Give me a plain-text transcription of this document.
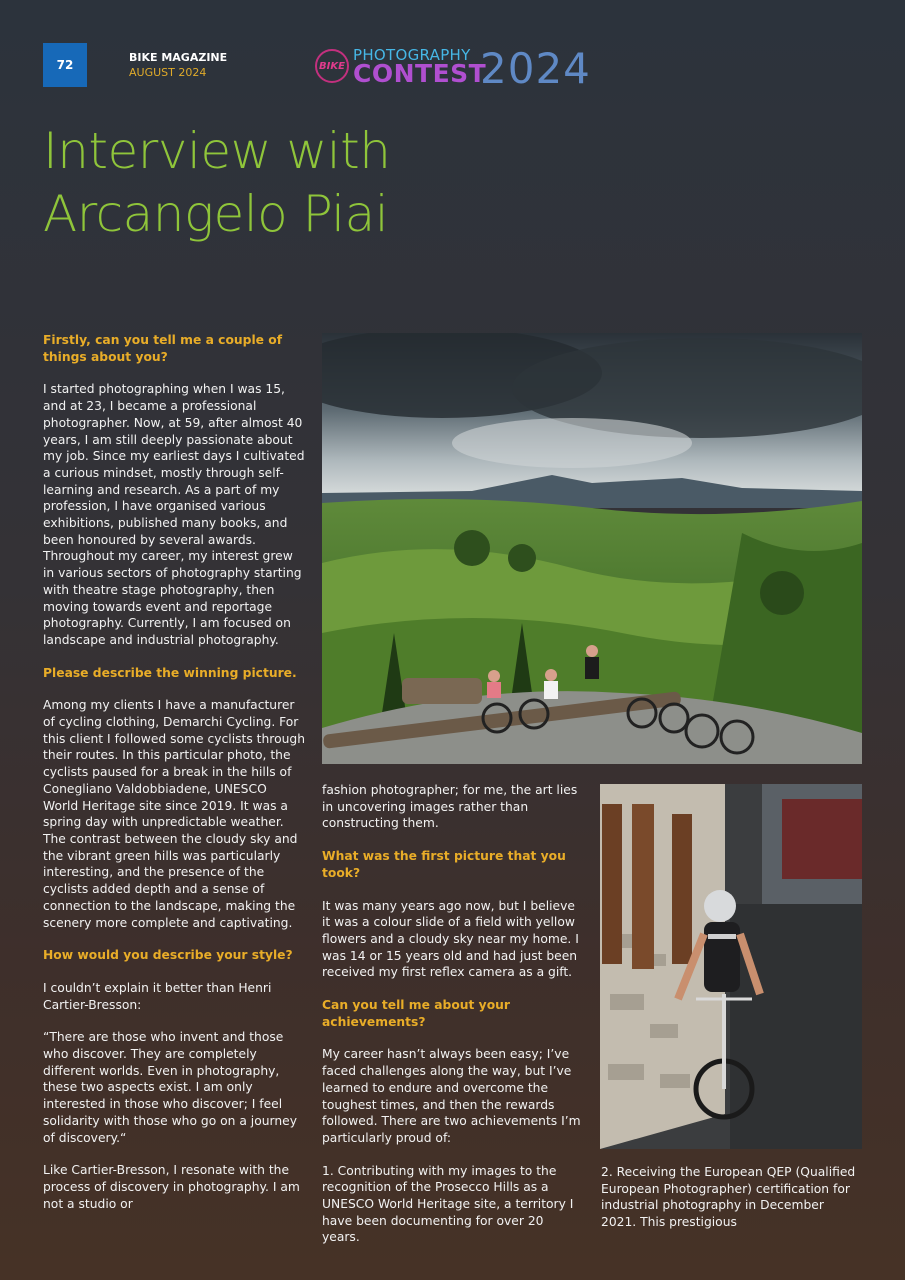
72
BIKE MAGAZINE
AUGUST 2024	BIKE
PHOTOGRAPHY
CONTEST
2024
Interview with
Arcangelo Piai

Firstly, can you tell me a couple of things about you?

I started photographing when I was 15, and at 23, I became a professional photographer. Now, at 59, after almost 40 years, I am still deeply passionate about my job. Since my earliest days I cultivated a curious mindset, mostly through self-learning and research. As a part of my profession, I have organised various exhibitions, published many books, and been honoured by several awards. Throughout my career, my interest grew in various sectors of photography starting with theatre stage photography, then moving towards event and reportage photography. Currently, I am focused on landscape and industrial photography.

Please describe the winning picture.

Among my clients I have a manufacturer of cycling clothing, Demarchi Cycling. For this client I followed some cyclists through their routes. In this particular photo, the cyclists paused for a break in the hills of Conegliano Valdobbiadene, UNESCO World Heritage site since 2019. It was a spring day with unpredictable weather. The contrast between the cloudy sky and the vibrant green hills was particularly interesting, and the presence of the cyclists added depth and a sense of connection to the landscape, making the scenery more complete and captivating.

How would you describe your style?

I couldn’t explain it better than Henri Cartier-Bresson:

“There are those who invent and those who discover. They are completely different worlds. Even in photography, these two aspects exist. I am only interested in those who discover; I feel solidarity with those who go on a journey of discovery.“

Like Cartier-Bresson, I resonate with the process of discovery in photography. I am not a studio or

fashion photographer; for me, the art lies in uncovering images rather than constructing them.

What was the first picture that you took?

It was many years ago now, but I believe it was a colour slide of a field with yellow flowers and a cloudy sky near my home. I was 14 or 15 years old and had just been received my first reflex camera as a gift.

Can you tell me about your achievements?

My career hasn’t always been easy; I’ve faced challenges along the way, but I’ve learned to endure and overcome the toughest times, and then the rewards followed. There are two achievements I’m particularly proud of:

1. Contributing with my images to the recognition of the Prosecco Hills as a UNESCO World Heritage site, a territory I have been documenting for over 20 years.

2. Receiving the European QEP (Qualified European Photographer) certification for industrial photography in December 2021. This prestigious
